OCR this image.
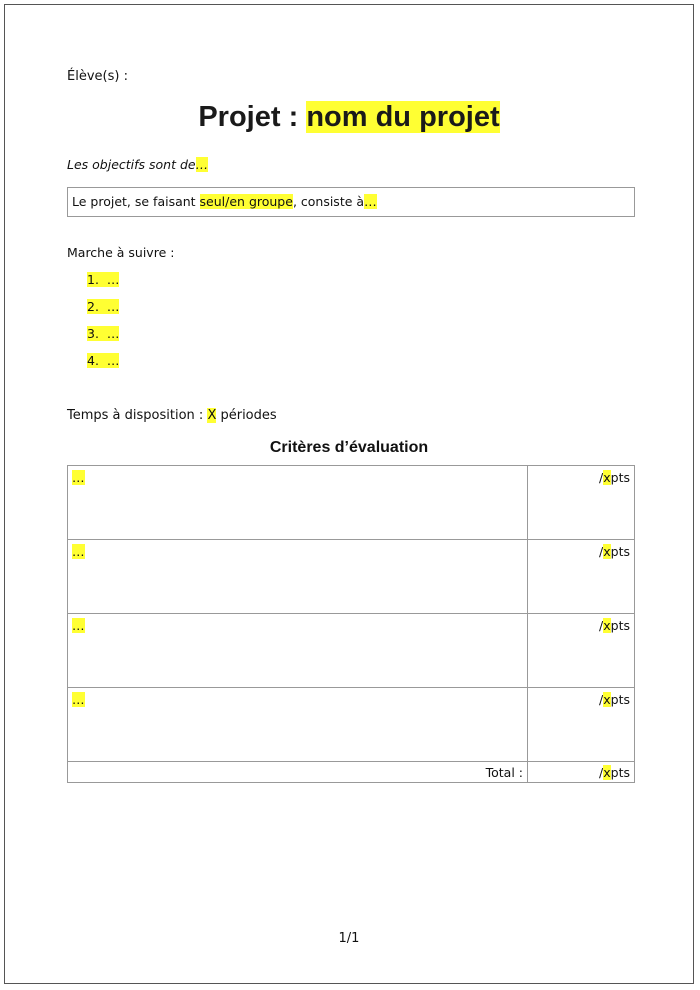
Élève(s) :
Projet : nom du projet
Les objectifs sont de…
Le projet, se faisant seul/en groupe, consiste à…
Marche à suivre :
1. …
2. …
3. …
4. …
Temps à disposition : X périodes
Critères d’évaluation
…	/xpts
…	/xpts
…	/xpts
…	/xpts
Total :	/xpts
1/1
